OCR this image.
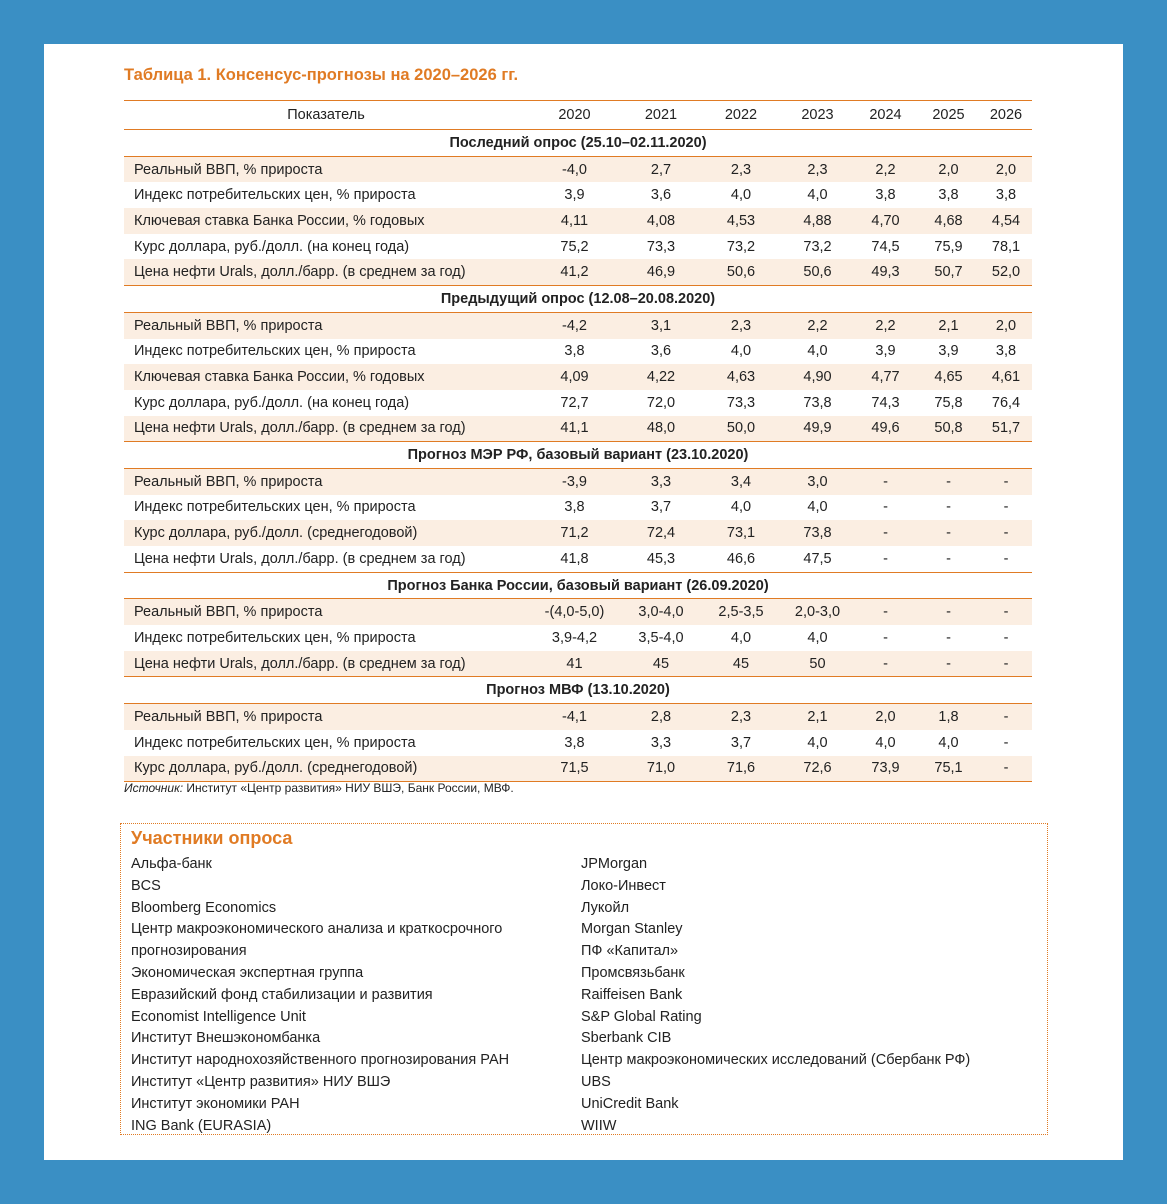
Таблица 1. Консенсус-прогнозы на 2020–2026 гг.
Показатель	2020	2021	2022	2023	2024	2025	2026
Последний опрос (25.10–02.11.2020)							
Реальный ВВП, % прироста	-4,0	2,7	2,3	2,3	2,2	2,0	2,0
Индекс потребительских цен, % прироста	3,9	3,6	4,0	4,0	3,8	3,8	3,8
Ключевая ставка Банка России, % годовых	4,11	4,08	4,53	4,88	4,70	4,68	4,54
Курс доллара, руб./долл. (на конец года)	75,2	73,3	73,2	73,2	74,5	75,9	78,1
Цена нефти Urals, долл./барр. (в среднем за год)	41,2	46,9	50,6	50,6	49,3	50,7	52,0
Предыдущий опрос (12.08–20.08.2020)							
Реальный ВВП, % прироста	-4,2	3,1	2,3	2,2	2,2	2,1	2,0
Индекс потребительских цен, % прироста	3,8	3,6	4,0	4,0	3,9	3,9	3,8
Ключевая ставка Банка России, % годовых	4,09	4,22	4,63	4,90	4,77	4,65	4,61
Курс доллара, руб./долл. (на конец года)	72,7	72,0	73,3	73,8	74,3	75,8	76,4
Цена нефти Urals, долл./барр. (в среднем за год)	41,1	48,0	50,0	49,9	49,6	50,8	51,7
Прогноз МЭР РФ, базовый вариант (23.10.2020)							
Реальный ВВП, % прироста	-3,9	3,3	3,4	3,0	-	-	-
Индекс потребительских цен, % прироста	3,8	3,7	4,0	4,0	-	-	-
Курс доллара, руб./долл. (среднегодовой)	71,2	72,4	73,1	73,8	-	-	-
Цена нефти Urals, долл./барр. (в среднем за год)	41,8	45,3	46,6	47,5	-	-	-
Прогноз Банка России, базовый вариант (26.09.2020)							
Реальный ВВП, % прироста	-(4,0-5,0)	3,0-4,0	2,5-3,5	2,0-3,0	-	-	-
Индекс потребительских цен, % прироста	3,9-4,2	3,5-4,0	4,0	4,0	-	-	-
Цена нефти Urals, долл./барр. (в среднем за год)	41	45	45	50	-	-	-
Прогноз МВФ (13.10.2020)							
Реальный ВВП, % прироста	-4,1	2,8	2,3	2,1	2,0	1,8	-
Индекс потребительских цен, % прироста	3,8	3,3	3,7	4,0	4,0	4,0	-
Курс доллара, руб./долл. (среднегодовой)	71,5	71,0	71,6	72,6	73,9	75,1	-

Источник: Институт «Центр развития» НИУ ВШЭ, Банк России, МВФ.

Участники опроса
Альфа-банк
BCS
Bloomberg Economics
Центр макроэкономического анализа и краткосрочного
прогнозирования
Экономическая экспертная группа
Евразийский фонд стабилизации и развития
Economist Intelligence Unit
Институт Внешэкономбанка
Институт народнохозяйственного прогнозирования РАН
Институт «Центр развития» НИУ ВШЭ
Институт экономики РАН
ING Bank (EURASIA)
JPMorgan
Локо-Инвест
Лукойл
Morgan Stanley
ПФ «Капитал»
Промсвязьбанк
Raiffeisen Bank
S&P Global Rating
Sberbank CIB
Центр макроэкономических исследований (Сбербанк РФ)
UBS
UniCredit Bank
WIIW
